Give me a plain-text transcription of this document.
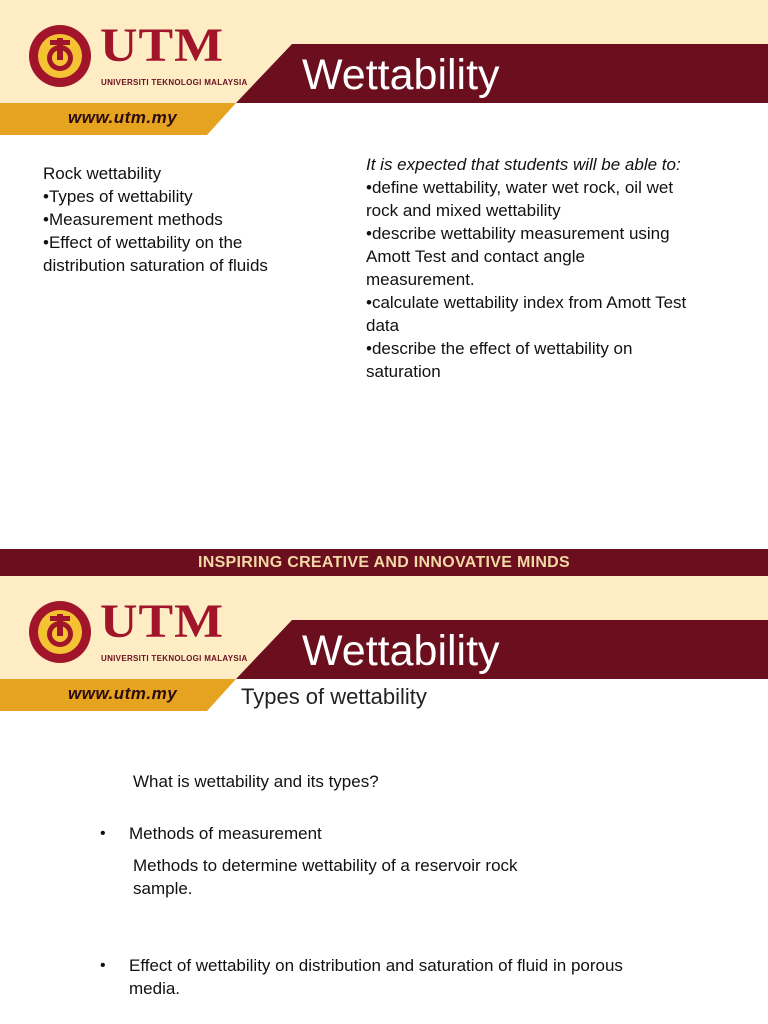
UTM
UNIVERSITI TEKNOLOGI MALAYSIA
www.utm.my
Wettability
Rock wettability
•Types of wettability
•Measurement methods
•Effect of wettability on the
distribution saturation of fluids
It is expected that students will be able to:
•define wettability, water wet rock, oil wet
rock and mixed wettability
•describe wettability measurement using
Amott Test and contact angle
measurement.
•calculate wettability index from Amott Test
data
•describe the effect of wettability on
saturation
INSPIRING CREATIVE AND INNOVATIVE MINDS
UTM
UNIVERSITI TEKNOLOGI MALAYSIA
www.utm.my
Wettability
Types of wettability
What is wettability and its types?
• Methods of measurement
Methods to determine wettability of a reservoir rock
sample.
• Effect of wettability on distribution and saturation of fluid in porous
media.
